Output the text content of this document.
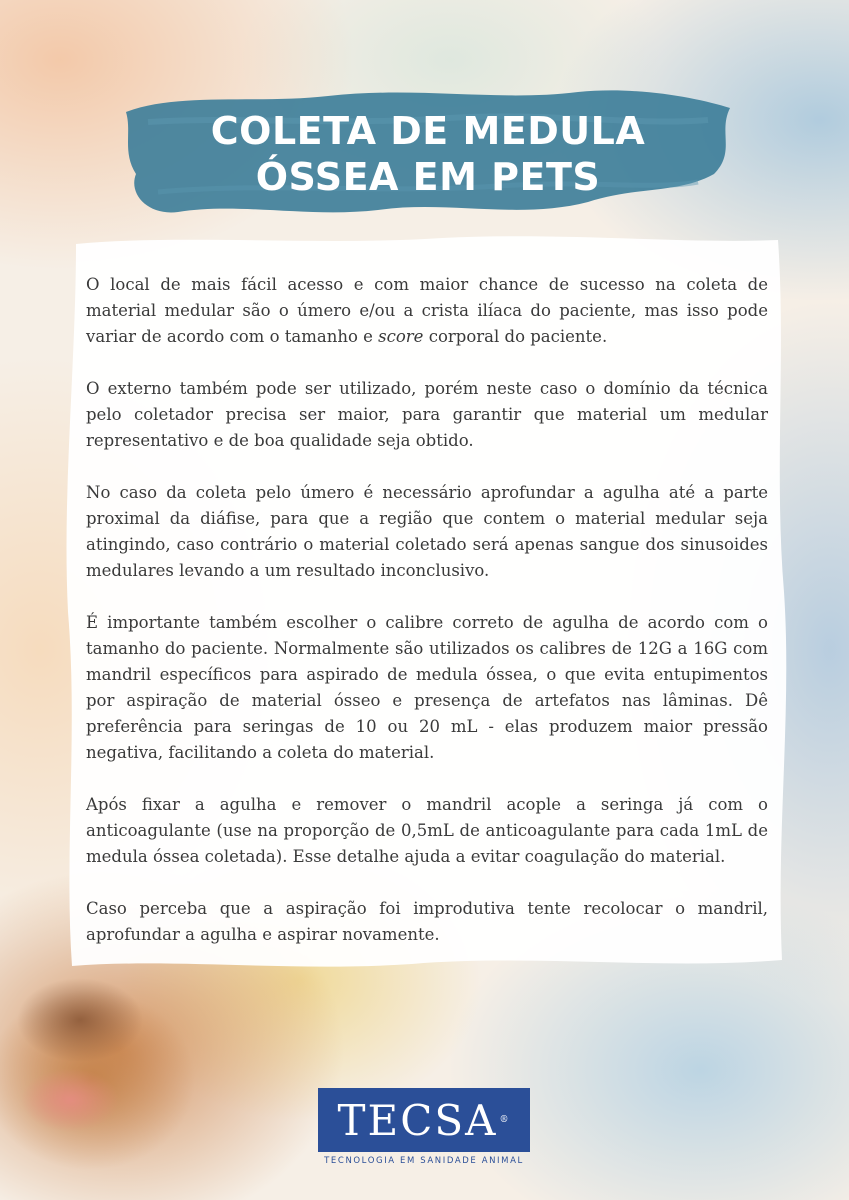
COLETA DE MEDULA
ÓSSEA EM PETS

O local de mais fácil acesso e com maior chance de sucesso na coleta de material medular são o úmero e/ou a crista ilíaca do paciente, mas isso pode variar de acordo com o tamanho e score corporal do paciente.

O externo também pode ser utilizado, porém neste caso o domínio da técnica pelo coletador precisa ser maior, para garantir que material um medular representativo e de boa qualidade seja obtido.

No caso da coleta pelo úmero é necessário aprofundar a agulha até a parte proximal da diáfise, para que a região que contem o material medular seja atingindo, caso contrário o material coletado será apenas sangue dos sinusoides medulares levando a um resultado inconclusivo.

É importante também escolher o calibre correto de agulha de acordo com o tamanho do paciente. Normalmente são utilizados os calibres de 12G a 16G com mandril específicos para aspirado de medula óssea, o que evita entupimentos por aspiração de material ósseo e presença de artefatos nas lâminas. Dê preferência para seringas de 10 ou 20 mL - elas produzem maior pressão negativa, facilitando a coleta do material.

Após fixar a agulha e remover o mandril acople a seringa já com o anticoagulante (use na proporção de 0,5mL de anticoagulante para cada 1mL de medula óssea coletada). Esse detalhe ajuda a evitar coagulação do material.

Caso perceba que a aspiração foi improdutiva tente recolocar o mandril, aprofundar a agulha e aspirar novamente.

TECSA ®
TECNOLOGIA EM SANIDADE ANIMAL
